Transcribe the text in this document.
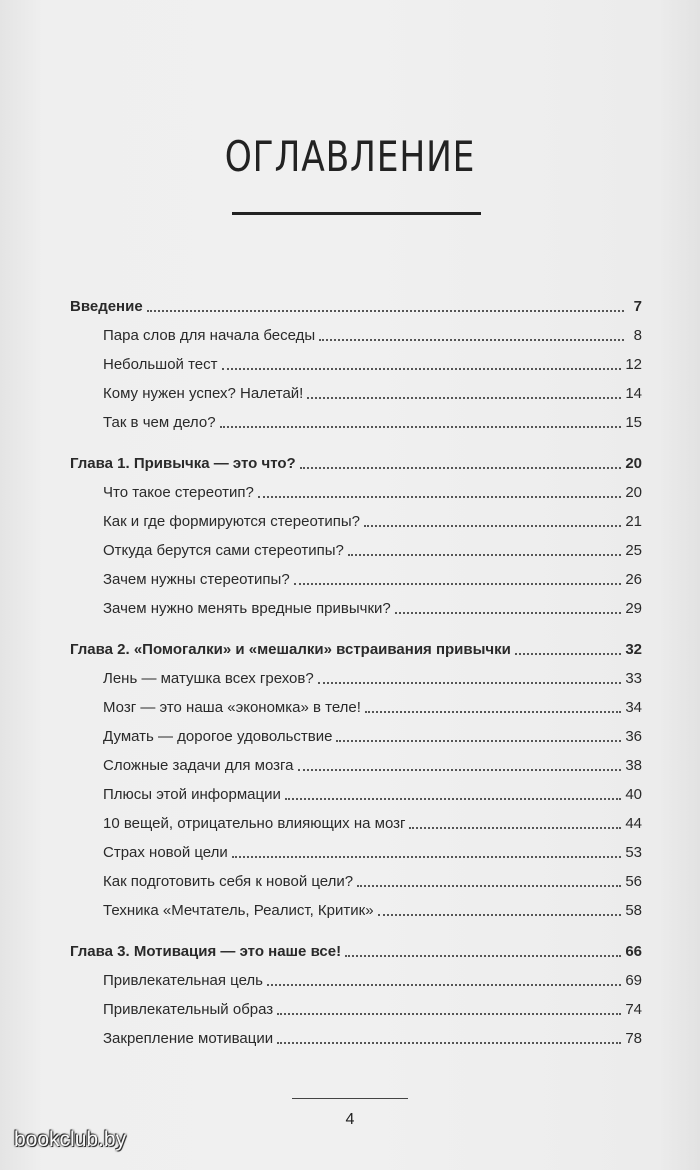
ОГЛАВЛЕНИЕ
Введение	7
Пара слов для начала беседы	8
Небольшой тест	12
Кому нужен успех? Налетай!	14
Так в чем дело?	15
Глава 1. Привычка — это что?	20
Что такое стереотип?	20
Как и где формируются стереотипы?	21
Откуда берутся сами стереотипы?	25
Зачем нужны стереотипы?	26
Зачем нужно менять вредные привычки?	29
Глава 2. «Помогалки» и «мешалки» встраивания привычки	32
Лень — матушка всех грехов?	33
Мозг — это наша «экономка» в теле!	34
Думать — дорогое удовольствие	36
Сложные задачи для мозга	38
Плюсы этой информации	40
10 вещей, отрицательно влияющих на мозг	44
Страх новой цели	53
Как подготовить себя к новой цели?	56
Техника «Мечтатель, Реалист, Критик»	58
Глава 3. Мотивация — это наше все!	66
Привлекательная цель	69
Привлекательный образ	74
Закрепление мотивации	78
4
bookclub.by
